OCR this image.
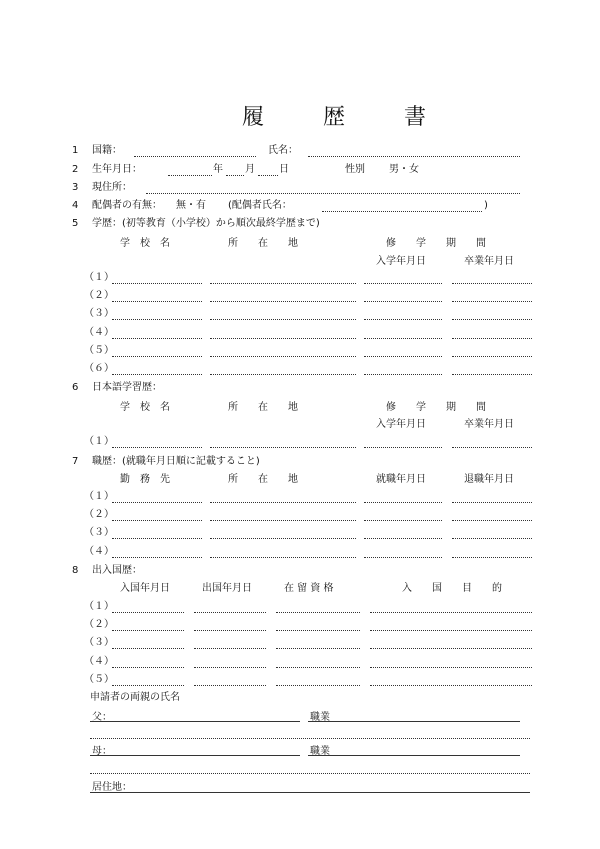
履 歴 書
1 国籍：	氏名：
2 生年月日：	年 月 日	性別 男・女
3 現住所：
4 配偶者の有無： 無・有 (配偶者氏名：	)
5 学歴：(初等教育（小学校）から順次最終学歴まで)
学　校　名	所　　在　　地	修　　学　　期　　間
入学年月日	卒業年月日
（１）
（２）
（３）
（４）
（５）
（６）
6 日本語学習歴：
学　校　名	所　　在　　地	修　　学　　期　　間
入学年月日	卒業年月日
（１）
7 職歴：(就職年月日順に記載すること)
勤　務　先	所　　在　　地	就職年月日	退職年月日
（１）
（２）
（３）
（４）
8 出入国歴：
入国年月日	出国年月日	在 留 資 格	入　　国　　目　　的
（１）
（２）
（３）
（４）
（５）
申請者の両親の氏名
父：	職業
母：	職業
居住地：
